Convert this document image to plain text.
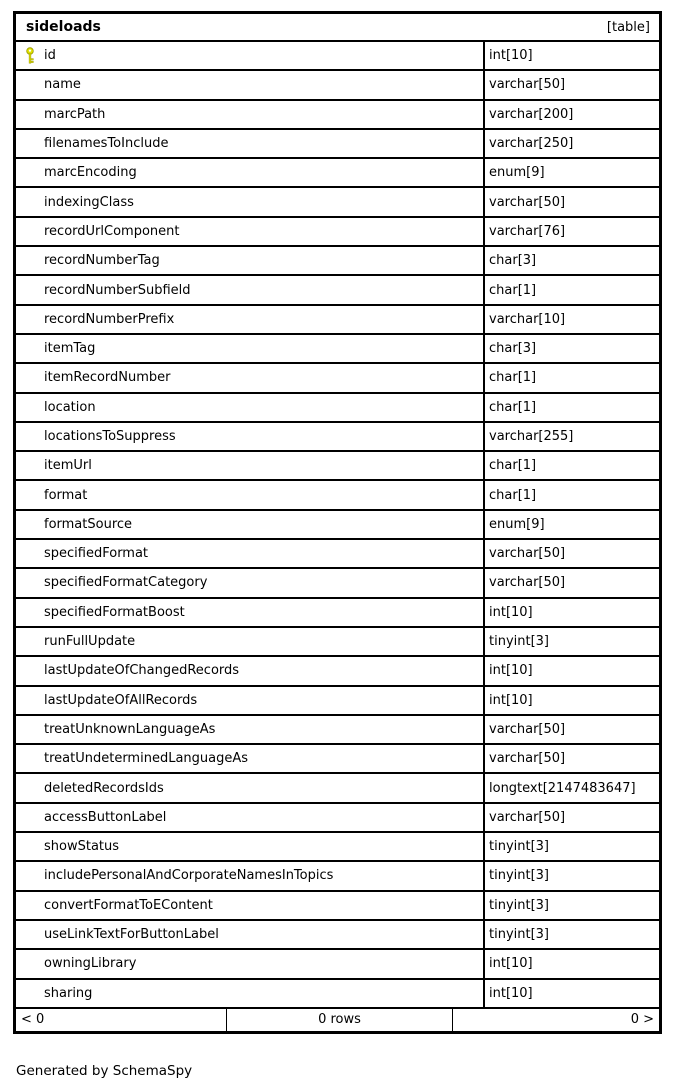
sideloads	[table]
id	int[10]
name	varchar[50]
marcPath	varchar[200]
filenamesToInclude	varchar[250]
marcEncoding	enum[9]
indexingClass	varchar[50]
recordUrlComponent	varchar[76]
recordNumberTag	char[3]
recordNumberSubfield	char[1]
recordNumberPrefix	varchar[10]
itemTag	char[3]
itemRecordNumber	char[1]
location	char[1]
locationsToSuppress	varchar[255]
itemUrl	char[1]
format	char[1]
formatSource	enum[9]
specifiedFormat	varchar[50]
specifiedFormatCategory	varchar[50]
specifiedFormatBoost	int[10]
runFullUpdate	tinyint[3]
lastUpdateOfChangedRecords	int[10]
lastUpdateOfAllRecords	int[10]
treatUnknownLanguageAs	varchar[50]
treatUndeterminedLanguageAs	varchar[50]
deletedRecordsIds	longtext[2147483647]
accessButtonLabel	varchar[50]
showStatus	tinyint[3]
includePersonalAndCorporateNamesInTopics	tinyint[3]
convertFormatToEContent	tinyint[3]
useLinkTextForButtonLabel	tinyint[3]
owningLibrary	int[10]
sharing	int[10]
< 0	0 rows	0 >
Generated by SchemaSpy
